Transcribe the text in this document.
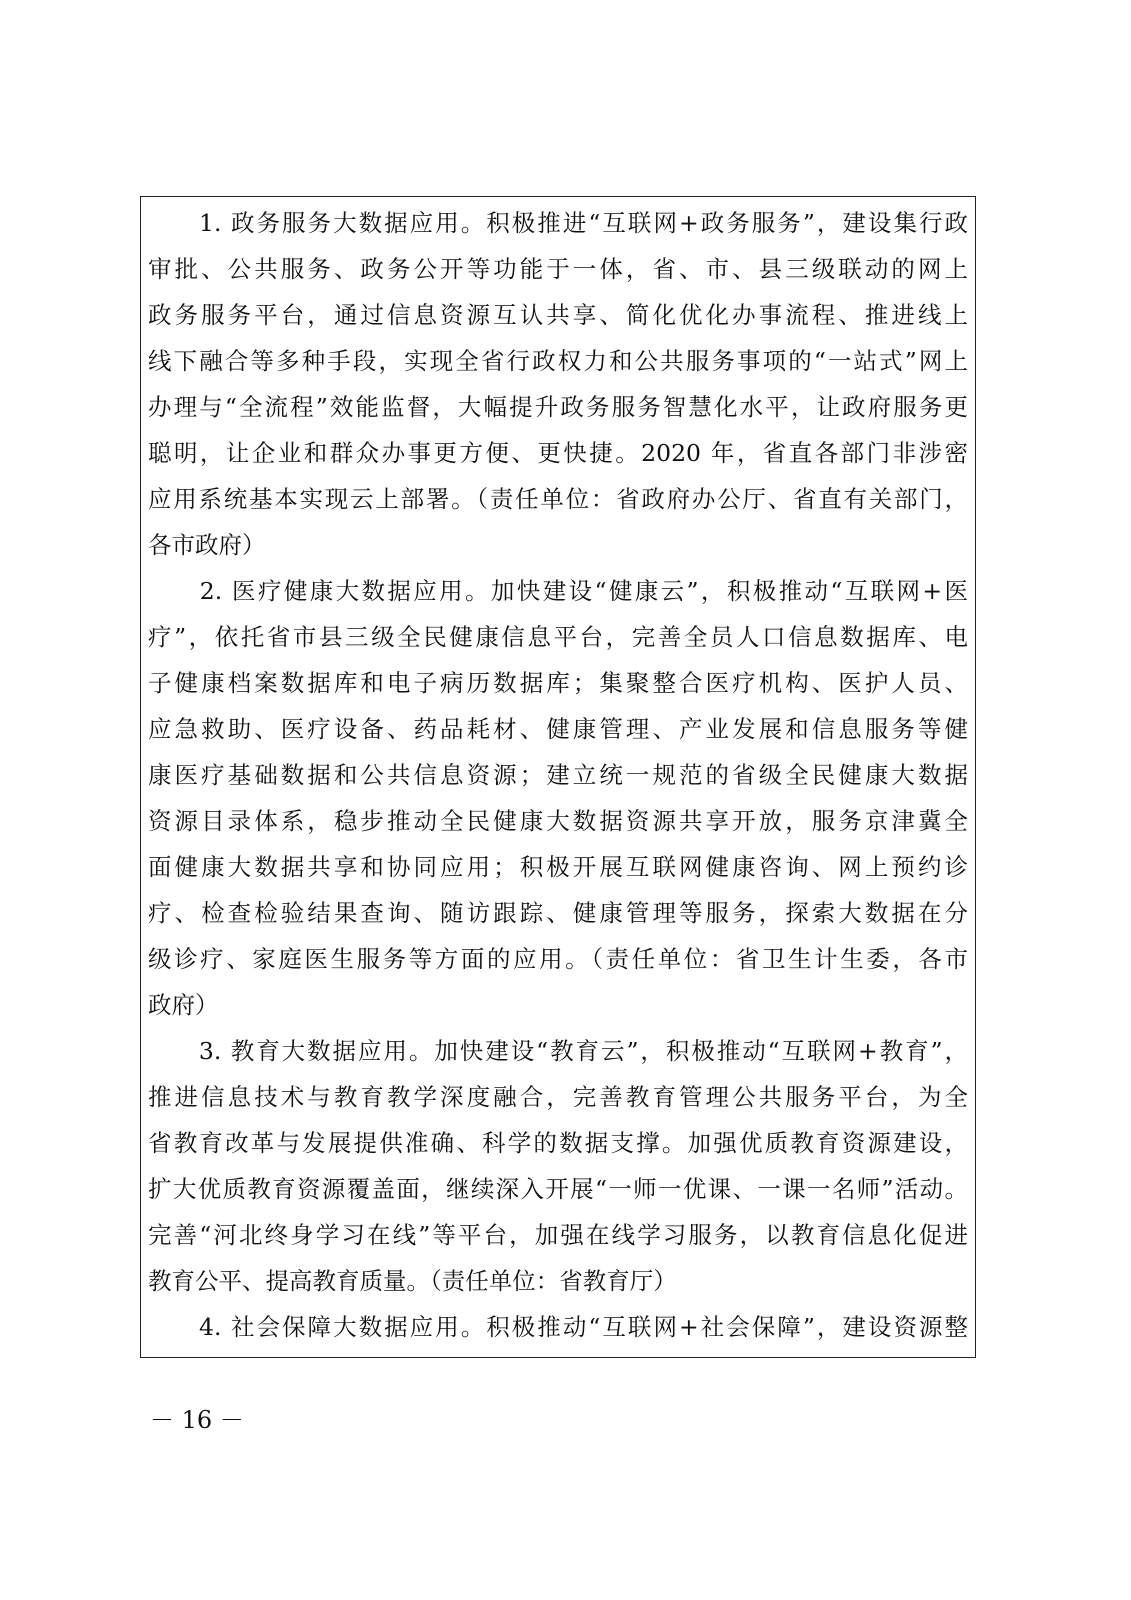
　　1. 政务服务大数据应用。积极推进“互联网+政务服务”，建设集行政
审批、公共服务、政务公开等功能于一体，省、市、县三级联动的网上
政务服务平台，通过信息资源互认共享、简化优化办事流程、推进线上
线下融合等多种手段，实现全省行政权力和公共服务事项的“一站式”网上
办理与“全流程”效能监督，大幅提升政务服务智慧化水平，让政府服务更
聪明，让企业和群众办事更方便、更快捷。2020 年，省直各部门非涉密
应用系统基本实现云上部署。（责任单位：省政府办公厅、省直有关部门，
各市政府）
　　2. 医疗健康大数据应用。加快建设“健康云”，积极推动“互联网+医
疗”，依托省市县三级全民健康信息平台，完善全员人口信息数据库、电
子健康档案数据库和电子病历数据库；集聚整合医疗机构、医护人员、
应急救助、医疗设备、药品耗材、健康管理、产业发展和信息服务等健
康医疗基础数据和公共信息资源；建立统一规范的省级全民健康大数据
资源目录体系，稳步推动全民健康大数据资源共享开放，服务京津冀全
面健康大数据共享和协同应用；积极开展互联网健康咨询、网上预约诊
疗、检查检验结果查询、随访跟踪、健康管理等服务，探索大数据在分
级诊疗、家庭医生服务等方面的应用。（责任单位：省卫生计生委，各市
政府）
　　3. 教育大数据应用。加快建设“教育云”，积极推动“互联网+教育”，
推进信息技术与教育教学深度融合，完善教育管理公共服务平台，为全
省教育改革与发展提供准确、科学的数据支撑。加强优质教育资源建设，
扩大优质教育资源覆盖面，继续深入开展“一师一优课、一课一名师”活动。
完善“河北终身学习在线”等平台，加强在线学习服务，以教育信息化促进
教育公平、提高教育质量。（责任单位：省教育厅）
　　4. 社会保障大数据应用。积极推动“互联网+社会保障”，建设资源整
－ 16 －
